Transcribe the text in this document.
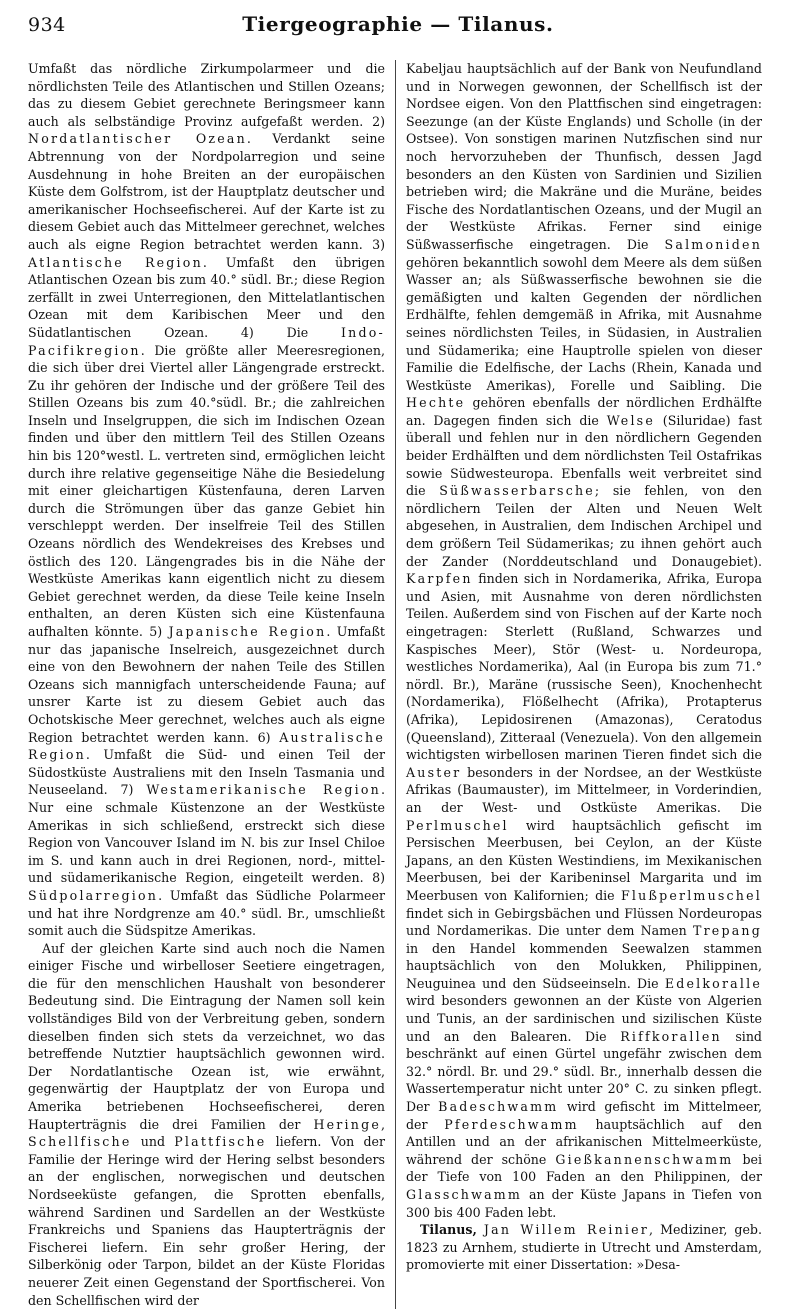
934	Tiergeographie — Tilanus.

Umfaßt das nördliche Zirkumpolarmeer und die nördlichsten Teile des Atlantischen und Stillen Ozeans; das zu diesem Gebiet gerechnete Beringsmeer kann auch als selbständige Provinz aufgefaßt werden. 2) Nordatlantischer Ozean. Verdankt seine Abtrennung von der Nordpolarregion und seine Ausdehnung in hohe Breiten an der europäischen Küste dem Golfstrom, ist der Hauptplatz deutscher und amerikanischer Hochseefischerei. Auf der Karte ist zu diesem Gebiet auch das Mittelmeer gerechnet, welches auch als eigne Region betrachtet werden kann. 3) Atlantische Region. Umfaßt den übrigen Atlantischen Ozean bis zum 40.° südl. Br.; diese Region zerfällt in zwei Unterregionen, den Mittelatlantischen Ozean mit dem Karibischen Meer und den Südatlantischen Ozean. 4) Die Indo-Pacifikregion. Die größte aller Meeresregionen, die sich über drei Viertel aller Längengrade erstreckt. Zu ihr gehören der Indische und der größere Teil des Stillen Ozeans bis zum 40.°südl. Br.; die zahlreichen Inseln und Inselgruppen, die sich im Indischen Ozean finden und über den mittlern Teil des Stillen Ozeans hin bis 120°westl. L. vertreten sind, ermöglichen leicht durch ihre relative gegenseitige Nähe die Besiedelung mit einer gleichartigen Küstenfauna, deren Larven durch die Strömungen über das ganze Gebiet hin verschleppt werden. Der inselfreie Teil des Stillen Ozeans nördlich des Wendekreises des Krebses und östlich des 120. Längengrades bis in die Nähe der Westküste Amerikas kann eigentlich nicht zu diesem Gebiet gerechnet werden, da diese Teile keine Inseln enthalten, an deren Küsten sich eine Küstenfauna aufhalten könnte. 5) Japanische Region. Umfaßt nur das japanische Inselreich, ausgezeichnet durch eine von den Bewohnern der nahen Teile des Stillen Ozeans sich mannigfach unterscheidende Fauna; auf unsrer Karte ist zu diesem Gebiet auch das Ochotskische Meer gerechnet, welches auch als eigne Region betrachtet werden kann. 6) Australische Region. Umfaßt die Süd- und einen Teil der Südostküste Australiens mit den Inseln Tasmania und Neuseeland. 7) Westamerikanische Region. Nur eine schmale Küstenzone an der Westküste Amerikas in sich schließend, erstreckt sich diese Region von Vancouver Island im N. bis zur Insel Chiloe im S. und kann auch in drei Regionen, nord-, mittel- und südamerikanische Region, eingeteilt werden. 8) Südpolarregion. Umfaßt das Südliche Polarmeer und hat ihre Nordgrenze am 40.° südl. Br., umschließt somit auch die Südspitze Amerikas.

Auf der gleichen Karte sind auch noch die Namen einiger Fische und wirbelloser Seetiere eingetragen, die für den menschlichen Haushalt von besonderer Bedeutung sind. Die Eintragung der Namen soll kein vollständiges Bild von der Verbreitung geben, sondern dieselben finden sich stets da verzeichnet, wo das betreffende Nutztier hauptsächlich gewonnen wird. Der Nordatlantische Ozean ist, wie erwähnt, gegenwärtig der Hauptplatz der von Europa und Amerika betriebenen Hochseefischerei, deren Haupterträgnis die drei Familien der Heringe, Schellfische und Plattfische liefern. Von der Familie der Heringe wird der Hering selbst besonders an der englischen, norwegischen und deutschen Nordseeküste gefangen, die Sprotten ebenfalls, während Sardinen und Sardellen an der Westküste Frankreichs und Spaniens das Haupterträgnis der Fischerei liefern. Ein sehr großer Hering, der Silberkönig oder Tarpon, bildet an der Küste Floridas neuerer Zeit einen Gegenstand der Sportfischerei. Von den Schellfischen wird der

Kabeljau hauptsächlich auf der Bank von Neufundland und in Norwegen gewonnen, der Schellfisch ist der Nordsee eigen. Von den Plattfischen sind eingetragen: Seezunge (an der Küste Englands) und Scholle (in der Ostsee). Von sonstigen marinen Nutzfischen sind nur noch hervorzuheben der Thunfisch, dessen Jagd besonders an den Küsten von Sardinien und Sizilien betrieben wird; die Makräne und die Muräne, beides Fische des Nordatlantischen Ozeans, und der Mugil an der Westküste Afrikas. Ferner sind einige Süßwasserfische eingetragen. Die Salmoniden gehören bekanntlich sowohl dem Meere als dem süßen Wasser an; als Süßwasserfische bewohnen sie die gemäßigten und kalten Gegenden der nördlichen Erdhälfte, fehlen demgemäß in Afrika, mit Ausnahme seines nördlichsten Teiles, in Südasien, in Australien und Südamerika; eine Hauptrolle spielen von dieser Familie die Edelfische, der Lachs (Rhein, Kanada und Westküste Amerikas), Forelle und Saibling. Die Hechte gehören ebenfalls der nördlichen Erdhälfte an. Dagegen finden sich die Welse (Siluridae) fast überall und fehlen nur in den nördlichern Gegenden beider Erdhälften und dem nördlichsten Teil Ostafrikas sowie Südwesteuropa. Ebenfalls weit verbreitet sind die Süßwasserbarsche; sie fehlen, von den nördlichern Teilen der Alten und Neuen Welt abgesehen, in Australien, dem Indischen Archipel und dem größern Teil Südamerikas; zu ihnen gehört auch der Zander (Norddeutschland und Donaugebiet). Karpfen finden sich in Nordamerika, Afrika, Europa und Asien, mit Ausnahme von deren nördlichsten Teilen. Außerdem sind von Fischen auf der Karte noch eingetragen: Sterlett (Rußland, Schwarzes und Kaspisches Meer), Stör (West- u. Nordeuropa, westliches Nordamerika), Aal (in Europa bis zum 71.° nördl. Br.), Maräne (russische Seen), Knochenhecht (Nordamerika), Flößelhecht (Afrika), Protapterus (Afrika), Lepidosirenen (Amazonas), Ceratodus (Queensland), Zitteraal (Venezuela). Von den allgemein wichtigsten wirbellosen marinen Tieren findet sich die Auster besonders in der Nordsee, an der Westküste Afrikas (Baumauster), im Mittelmeer, in Vorderindien, an der West- und Ostküste Amerikas. Die Perlmuschel wird hauptsächlich gefischt im Persischen Meerbusen, bei Ceylon, an der Küste Japans, an den Küsten Westindiens, im Mexikanischen Meerbusen, bei der Karibeninsel Margarita und im Meerbusen von Kalifornien; die Flußperlmuschel findet sich in Gebirgsbächen und Flüssen Nordeuropas und Nordamerikas. Die unter dem Namen Trepang in den Handel kommenden Seewalzen stammen hauptsächlich von den Molukken, Philippinen, Neuguinea und den Südseeinseln. Die Edelkoralle wird besonders gewonnen an der Küste von Algerien und Tunis, an der sardinischen und sizilischen Küste und an den Balearen. Die Riffkorallen sind beschränkt auf einen Gürtel ungefähr zwischen dem 32.° nördl. Br. und 29.° südl. Br., innerhalb dessen die Wassertemperatur nicht unter 20° C. zu sinken pflegt. Der Badeschwamm wird gefischt im Mittelmeer, der Pferdeschwamm hauptsächlich auf den Antillen und an der afrikanischen Mittelmeerküste, während der schöne Gießkannenschwamm bei der Tiefe von 100 Faden an den Philippinen, der Glasschwamm an der Küste Japans in Tiefen von 300 bis 400 Faden lebt.

Tilanus, Jan Willem Reinier, Mediziner, geb. 1823 zu Arnhem, studierte in Utrecht und Amsterdam, promovierte mit einer Dissertation: »Desa-
